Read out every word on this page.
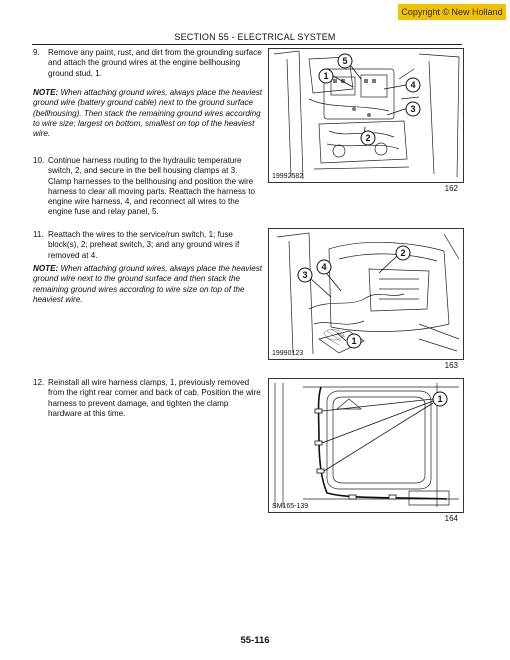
Copyright © New Holland
SECTION 55 - ELECTRICAL SYSTEM
9. Remove any paint, rust, and dirt from the grounding surface and attach the ground wires at the engine bellhousing ground stud, 1.
NOTE: When attaching ground wires, always place the heaviest ground wire (battery ground cable) next to the ground surface (bellhousing). Then stack the remaining ground wires according to wire size; largest on bottom, smallest on top of the heaviest wire.
10. Continue harness routing to the hydraulic temperature switch, 2, and secure in the bell housing clamps at 3. Clamp harnesses to the bellhousing and position the wire harness to clear all moving parts. Reattach the harness to engine wire harness, 4, and reconnect all wires to the engine fuse and relay panel, 5.
11. Reattach the wires to the service/run switch, 1; fuse block(s), 2; preheat switch, 3; and any ground wires if removed at 4.
NOTE: When attaching ground wires, always place the heaviest ground wire next to the ground surface and then stack the remaining ground wires according to wire size on top of the heaviest wire.
12. Reinstall all wire harness clamps, 1, previously removed from the right rear corner and back of cab. Position the wire harness to prevent damage, and tighten the clamp hardware at this time.
5
1
4
3
2
19992582
162
4
2
3
1
19990123
163
1
SM165-139
164
55-116
